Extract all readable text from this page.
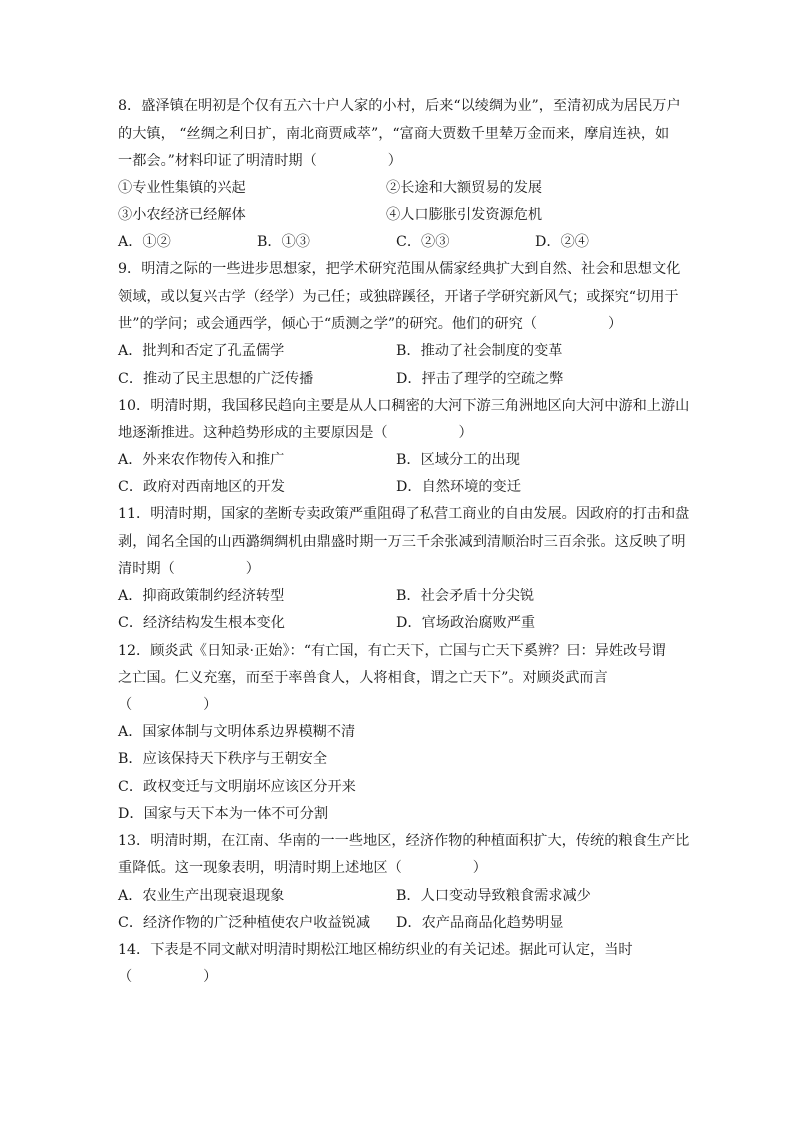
8．盛泽镇在明初是个仅有五六十户人家的小村，后来“以绫绸为业”，至清初成为居民万户
的大镇， “丝绸之利日扩，南北商贾咸萃”，“富商大贾数千里辇万金而来，摩肩连袂，如
一都会。”材料印证了明清时期（　　　　　）
①专业性集镇的兴起	②长途和大额贸易的发展
③小农经济已经解体	④人口膨胀引发资源危机
A．①②	B．①③	C．②③	D．②④
9．明清之际的一些进步思想家，把学术研究范围从儒家经典扩大到自然、社会和思想文化
领域，或以复兴古学（经学）为己任；或独辟蹊径，开诸子学研究新风气；或探究“切用于
世”的学问；或会通西学，倾心于“质测之学”的研究。他们的研究（　　　　　）
A．批判和否定了孔孟儒学	B．推动了社会制度的变革
C．推动了民主思想的广泛传播	D．抨击了理学的空疏之弊
10．明清时期，我国移民趋向主要是从人口稠密的大河下游三角洲地区向大河中游和上游山
地逐渐推进。这种趋势形成的主要原因是（　　　　　）
A．外来农作物传入和推广	B．区域分工的出现
C．政府对西南地区的开发	D．自然环境的变迁
11．明清时期，国家的垄断专卖政策严重阻碍了私营工商业的自由发展。因政府的打击和盘
剥，闻名全国的山西潞绸绸机由鼎盛时期一万三千余张减到清顺治时三百余张。这反映了明
清时期（　　　　　）
A．抑商政策制约经济转型	B．社会矛盾十分尖锐
C．经济结构发生根本变化	D．官场政治腐败严重
12．顾炎武《日知录·正始》：“有亡国，有亡天下，亡国与亡天下奚辨？曰：异姓改号谓
之亡国。仁义充塞，而至于率兽食人，人将相食，谓之亡天下”。对顾炎武而言
（　　　　　）
A．国家体制与文明体系边界模糊不清
B．应该保持天下秩序与王朝安全
C．政权变迁与文明崩坏应该区分开来
D．国家与天下本为一体不可分割
13．明清时期，在江南、华南的一一些地区，经济作物的种植面积扩大，传统的粮食生产比
重降低。这一现象表明，明清时期上述地区（　　　　　）
A．农业生产出现衰退现象	B．人口变动导致粮食需求减少
C．经济作物的广泛种植使农户收益锐减 D．农产品商品化趋势明显
14．下表是不同文献对明清时期松江地区棉纺织业的有关记述。据此可认定，当时
（　　　　　）
